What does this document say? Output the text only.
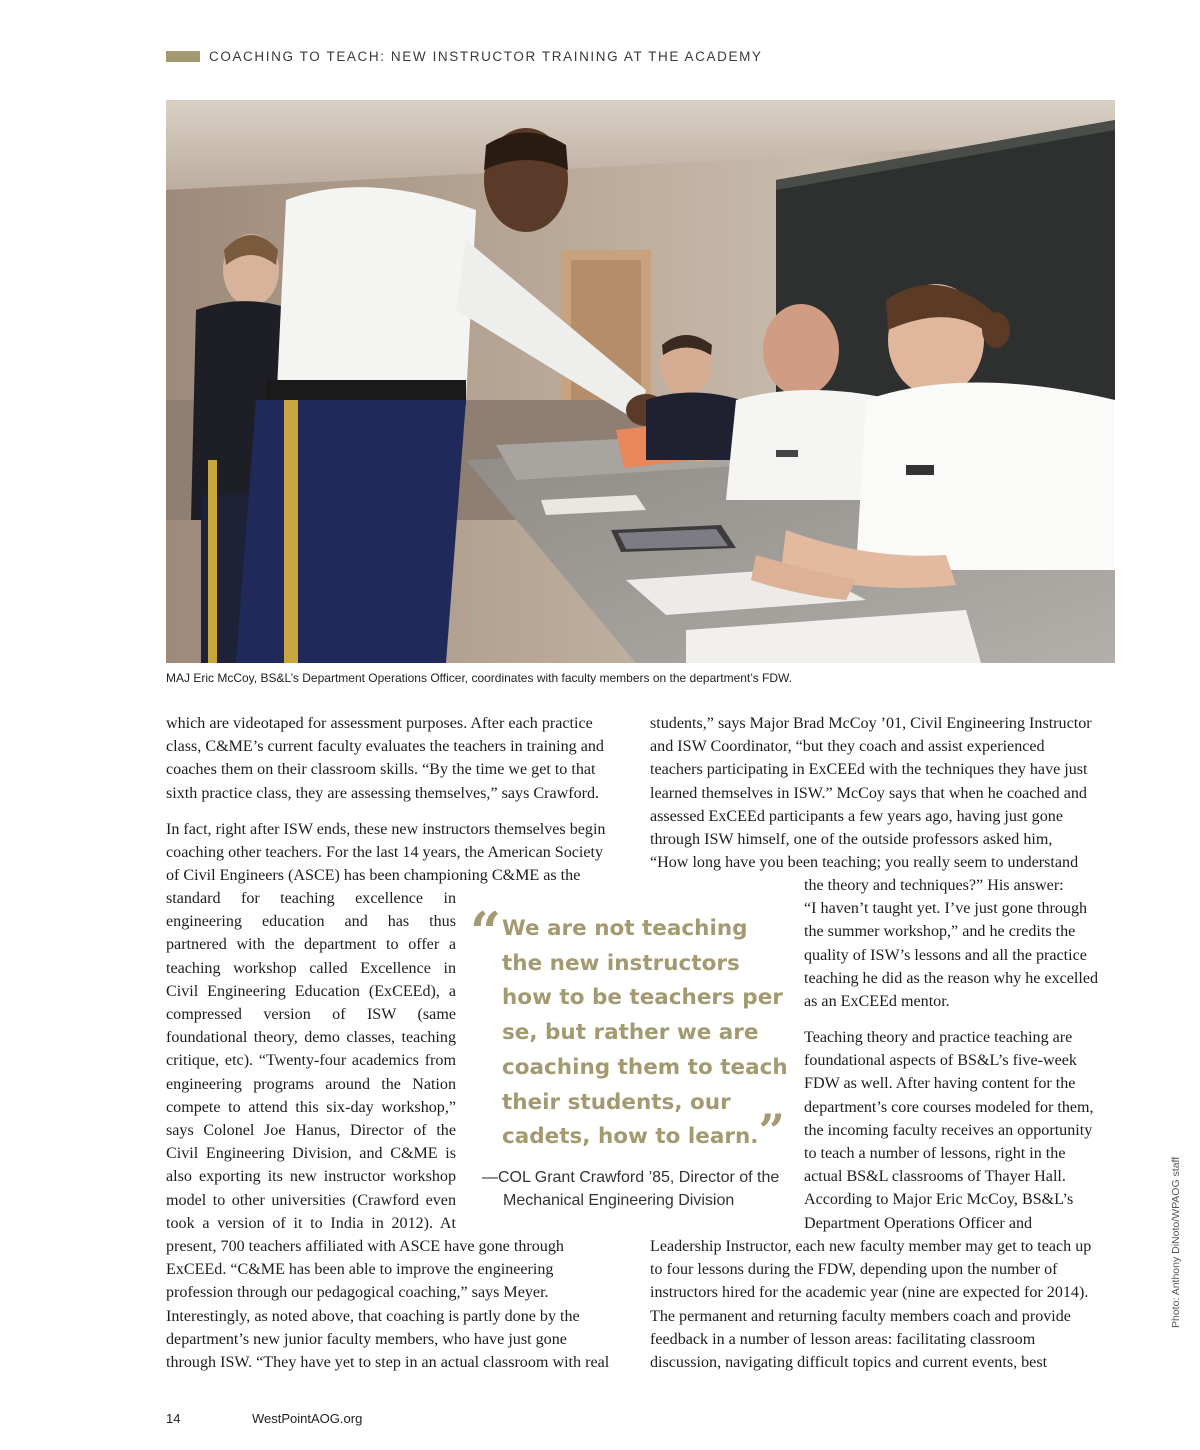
COACHING TO TEACH: NEW INSTRUCTOR TRAINING AT THE ACADEMY
MAJ Eric McCoy, BS&L’s Department Operations Officer, coordinates with faculty members on the department’s FDW.
Photo: Anthony DiNoto/WPAOG staff

which are videotaped for assessment purposes. After each practice

class, C&ME’s current faculty evaluates the teachers in training and

coaches them on their classroom skills. “By the time we get to that

sixth practice class, they are assessing themselves,” says Crawford.

In fact, right after ISW ends, these new instructors themselves begin

coaching other teachers. For the last 14 years, the American Society

of Civil Engineers (ASCE) has been championing C&ME as the

standard for teaching excellence in

engineering education and has thus

partnered with the department to offer a

teaching workshop called Excellence in

Civil Engineering Education (ExCEEd), a

compressed version of ISW (same

foundational theory, demo classes, teaching

critique, etc). “Twenty-four academics from

engineering programs around the Nation

compete to attend this six-day workshop,”

says Colonel Joe Hanus, Director of the

Civil Engineering Division, and C&ME is

also exporting its new instructor workshop

model to other universities (Crawford even

took a version of it to India in 2012). At

present, 700 teachers affiliated with ASCE have gone through

ExCEEd. “C&ME has been able to improve the engineering

profession through our pedagogical coaching,” says Meyer.

Interestingly, as noted above, that coaching is partly done by the

department’s new junior faculty members, who have just gone

through ISW. “They have yet to step in an actual classroom with real

“ We are not teaching
the new instructors
how to be teachers per
se, but rather we are
coaching them to teach
their students, our
cadets, how to learn.”
—COL Grant Crawford ’85, Director of the
Mechanical Engineering Division

students,” says Major Brad McCoy ’01, Civil Engineering Instructor

and ISW Coordinator, “but they coach and assist experienced

teachers participating in ExCEEd with the techniques they have just

learned themselves in ISW.” McCoy says that when he coached and

assessed ExCEEd participants a few years ago, having just gone

through ISW himself, one of the outside professors asked him,

“How long have you been teaching; you really seem to understand

the theory and techniques?” His answer:

“I haven’t taught yet. I’ve just gone through

the summer workshop,” and he credits the

quality of ISW’s lessons and all the practice

teaching he did as the reason why he excelled

as an ExCEEd mentor.

Teaching theory and practice teaching are

foundational aspects of BS&L’s five-week

FDW as well. After having content for the

department’s core courses modeled for them,

the incoming faculty receives an opportunity

to teach a number of lessons, right in the

actual BS&L classrooms of Thayer Hall.

According to Major Eric McCoy, BS&L’s

Department Operations Officer and

Leadership Instructor, each new faculty member may get to teach up

to four lessons during the FDW, depending upon the number of

instructors hired for the academic year (nine are expected for 2014).

The permanent and returning faculty members coach and provide

feedback in a number of lesson areas: facilitating classroom

discussion, navigating difficult topics and current events, best

14	WestPointAOG.org
